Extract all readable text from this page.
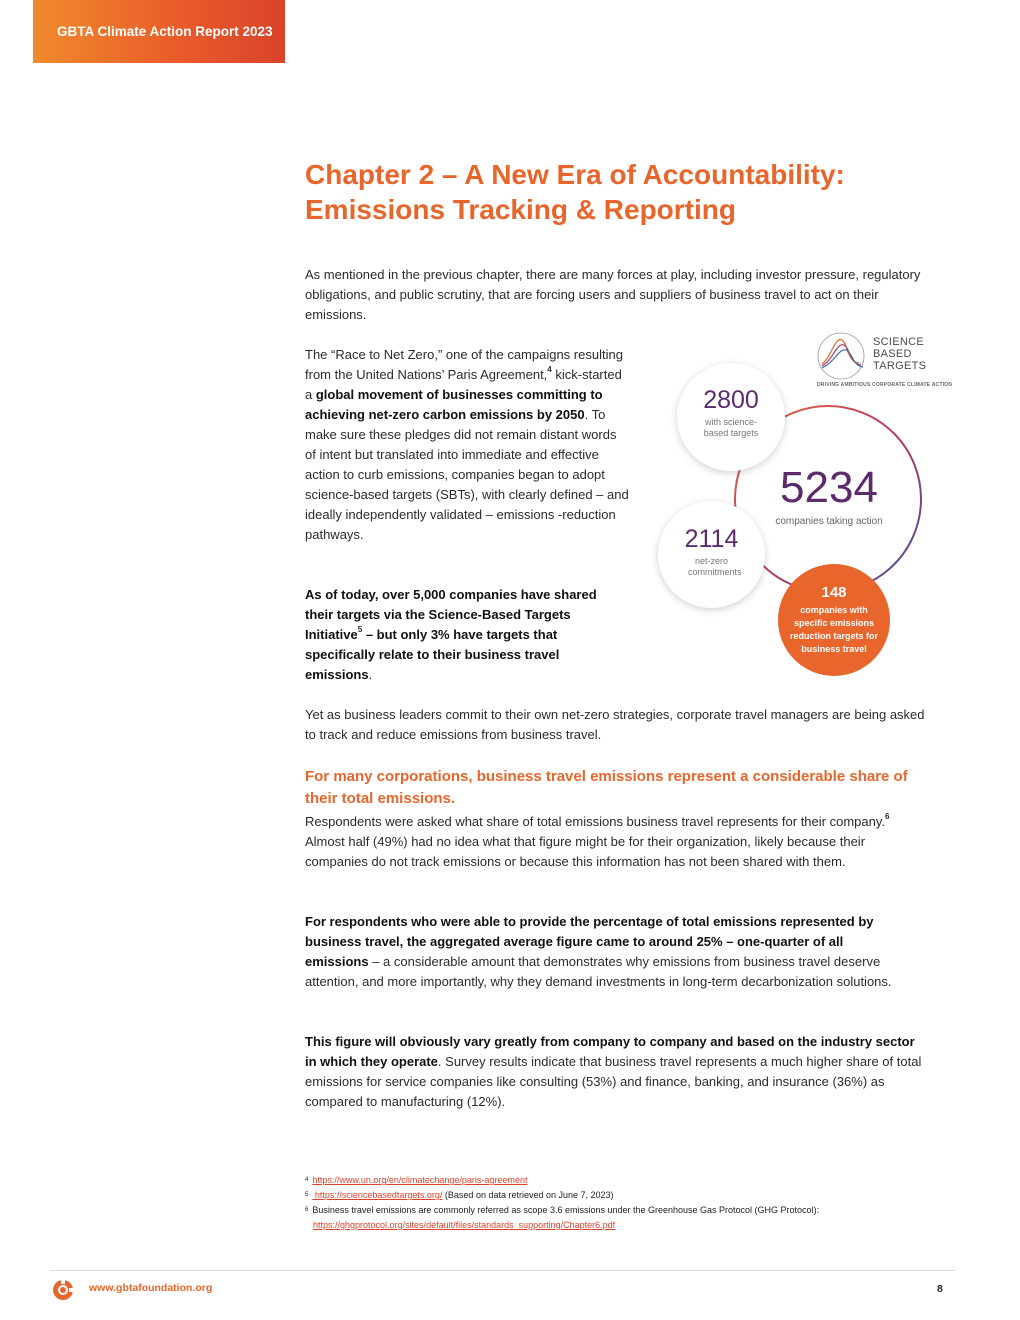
GBTA Climate Action Report 2023
Chapter 2 – A New Era of Accountability:
Emissions Tracking & Reporting

As mentioned in the previous chapter, there are many forces at play, including investor pressure, regulatory obligations, and public scrutiny, that are forcing users and suppliers of business travel to act on their emissions.

The “Race to Net Zero,” one of the campaigns resulting from the United Nations’ Paris Agreement,$^4$ kick-started a global movement of businesses committing to achieving net-zero carbon emissions by 2050. To make sure these pledges did not remain distant words of intent but translated into immediate and effective action to curb emissions, companies began to adopt science-based targets (SBTs), with clearly defined – and ideally independently validated – emissions -reduction pathways.

As of today, over 5,000 companies have shared their targets via the Science-Based Targets Initiative$^5$ – but only 3% have targets that specifically relate to their business travel emissions.

SCIENCE
BASED
TARGETS
DRIVING AMBITIOUS CORPORATE CLIMATE ACTION
2800
with science-based targets
5234
companies taking action
2114
net-zero commitments
148
companies with specific emissions reduction targets for business travel

Yet as business leaders commit to their own net-zero strategies, corporate travel managers are being asked to track and reduce emissions from business travel.

For many corporations, business travel emissions represent a considerable share of their total emissions.

Respondents were asked what share of total emissions business travel represents for their company.$^6$ Almost half (49%) had no idea what that figure might be for their organization, likely because their companies do not track emissions or because this information has not been shared with them.

For respondents who were able to provide the percentage of total emissions represented by business travel, the aggregated average figure came to around 25% – one-quarter of all emissions – a considerable amount that demonstrates why emissions from business travel deserve attention, and more importantly, why they demand investments in long-term decarbonization solutions.

This figure will obviously vary greatly from company to company and based on the industry sector in which they operate. Survey results indicate that business travel represents a much higher share of total emissions for service companies like consulting (53%) and finance, banking, and insurance (36%) as compared to manufacturing (12%).

$^4$ https://www.un.org/en/climatechange/paris-agreement
$^5$ https://sciencebasedtargets.org/ (Based on data retrieved on June 7, 2023)
$^6$ Business travel emissions are commonly referred as scope 3.6 emissions under the Greenhouse Gas Protocol (GHG Protocol):
https://ghgprotocol.org/sites/default/files/standards_supporting/Chapter6.pdf
www.gbtafoundation.org	8
